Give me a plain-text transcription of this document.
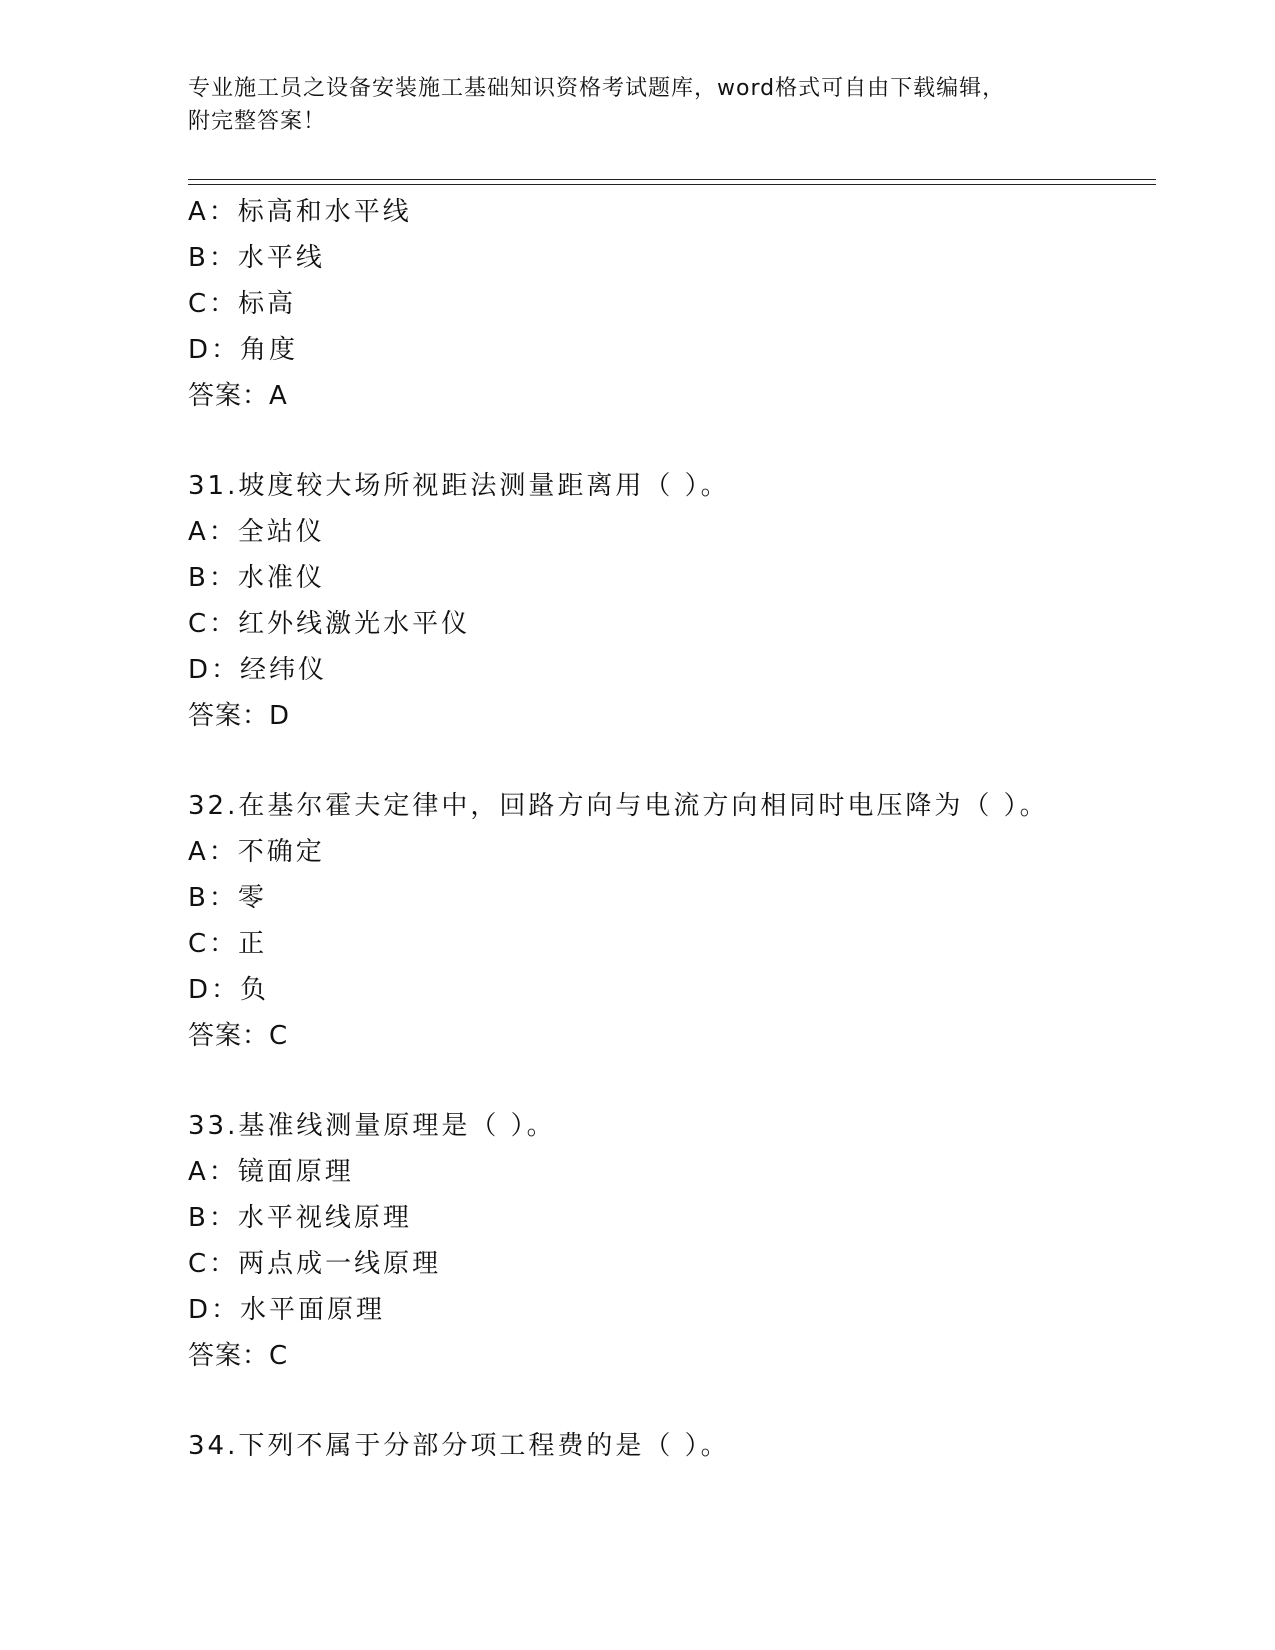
专业施工员之设备安装施工基础知识资格考试题库，word格式可自由下载编辑，
附完整答案！
A：标高和水平线
B：水平线
C：标高
D：角度
答案：A
31.坡度较大场所视距法测量距离用（ ）。
A：全站仪
B：水准仪
C：红外线激光水平仪
D：经纬仪
答案：D
32.在基尔霍夫定律中，回路方向与电流方向相同时电压降为（ ）。
A：不确定
B：零
C：正
D：负
答案：C
33.基准线测量原理是（ ）。
A：镜面原理
B：水平视线原理
C：两点成一线原理
D：水平面原理
答案：C
34.下列不属于分部分项工程费的是（ ）。
